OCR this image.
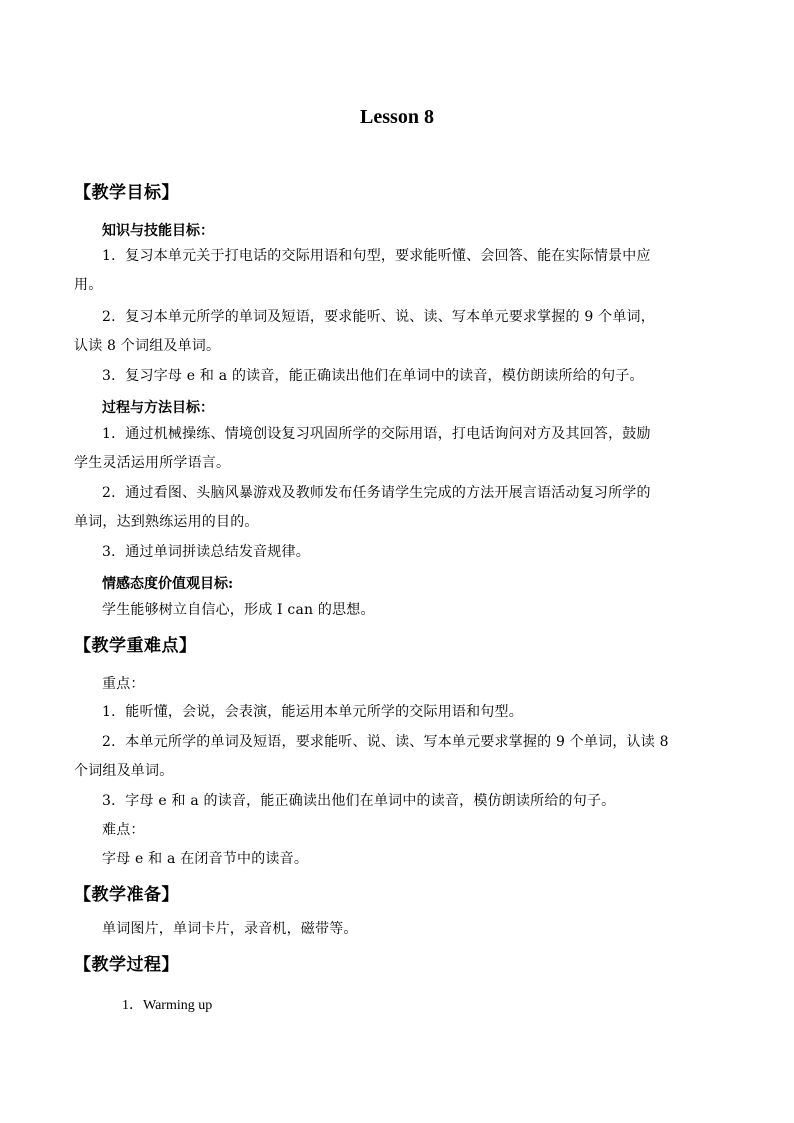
Lesson 8
【教学目标】
知识与技能目标：
1．复习本单元关于打电话的交际用语和句型，要求能听懂、会回答、能在实际情景中应
用。
2．复习本单元所学的单词及短语，要求能听、说、读、写本单元要求掌握的 9 个单词，
认读 8 个词组及单词。
3．复习字母 e 和 a 的读音，能正确读出他们在单词中的读音，模仿朗读所给的句子。
过程与方法目标：
1．通过机械操练、情境创设复习巩固所学的交际用语，打电话询问对方及其回答，鼓励
学生灵活运用所学语言。
2．通过看图、头脑风暴游戏及教师发布任务请学生完成的方法开展言语活动复习所学的
单词，达到熟练运用的目的。
3．通过单词拼读总结发音规律。
情感态度价值观目标:
学生能够树立自信心，形成 I can 的思想。
【教学重难点】
重点：
1．能听懂，会说，会表演，能运用本单元所学的交际用语和句型。
2．本单元所学的单词及短语，要求能听、说、读、写本单元要求掌握的 9 个单词，认读 8
个词组及单词。
3．字母 e 和 a 的读音，能正确读出他们在单词中的读音，模仿朗读所给的句子。
难点：
字母 e 和 a 在闭音节中的读音。
【教学准备】
单词图片，单词卡片，录音机，磁带等。
【教学过程】
1．Warming up
